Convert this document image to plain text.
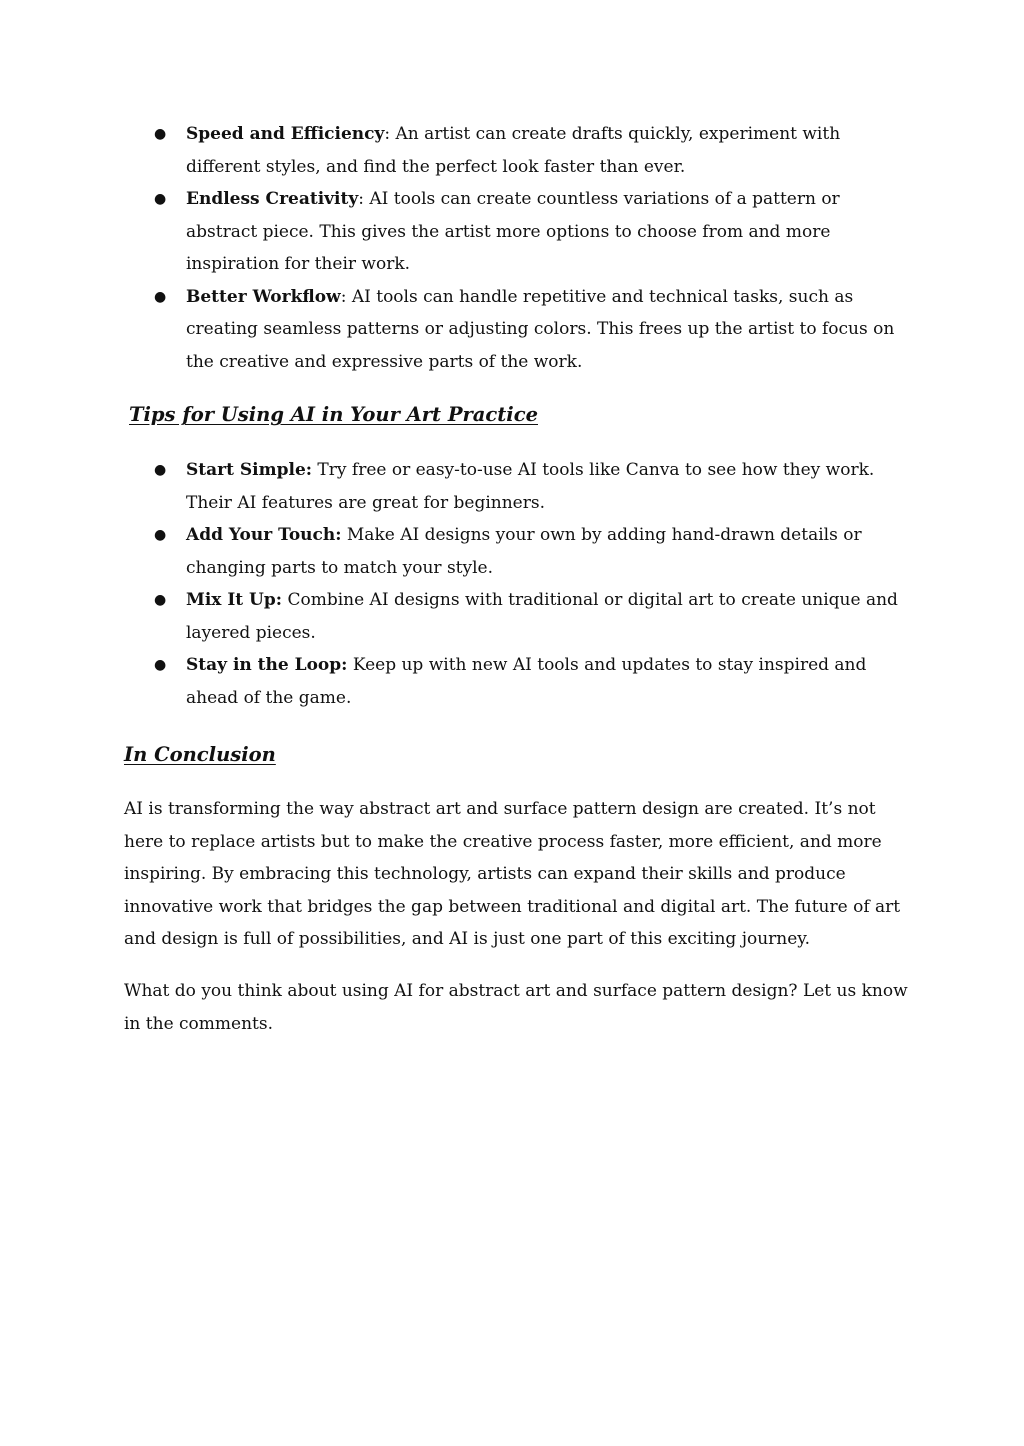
● Speed and Efficiency: An artist can create drafts quickly, experiment with different styles, and find the perfect look faster than ever.
● Endless Creativity: AI tools can create countless variations of a pattern or abstract piece. This gives the artist more options to choose from and more inspiration for their work.
● Better Workflow: AI tools can handle repetitive and technical tasks, such as creating seamless patterns or adjusting colors. This frees up the artist to focus on the creative and expressive parts of the work.
Tips for Using AI in Your Art Practice
● Start Simple: Try free or easy-to-use AI tools like Canva to see how they work. Their AI features are great for beginners.
● Add Your Touch: Make AI designs your own by adding hand-drawn details or changing parts to match your style.
● Mix It Up: Combine AI designs with traditional or digital art to create unique and layered pieces.
● Stay in the Loop: Keep up with new AI tools and updates to stay inspired and ahead of the game.
In Conclusion

AI is transforming the way abstract art and surface pattern design are created. It’s not here to replace artists but to make the creative process faster, more efficient, and more inspiring. By embracing this technology, artists can expand their skills and produce innovative work that bridges the gap between traditional and digital art. The future of art and design is full of possibilities, and AI is just one part of this exciting journey.

What do you think about using AI for abstract art and surface pattern design? Let us know in the comments.
